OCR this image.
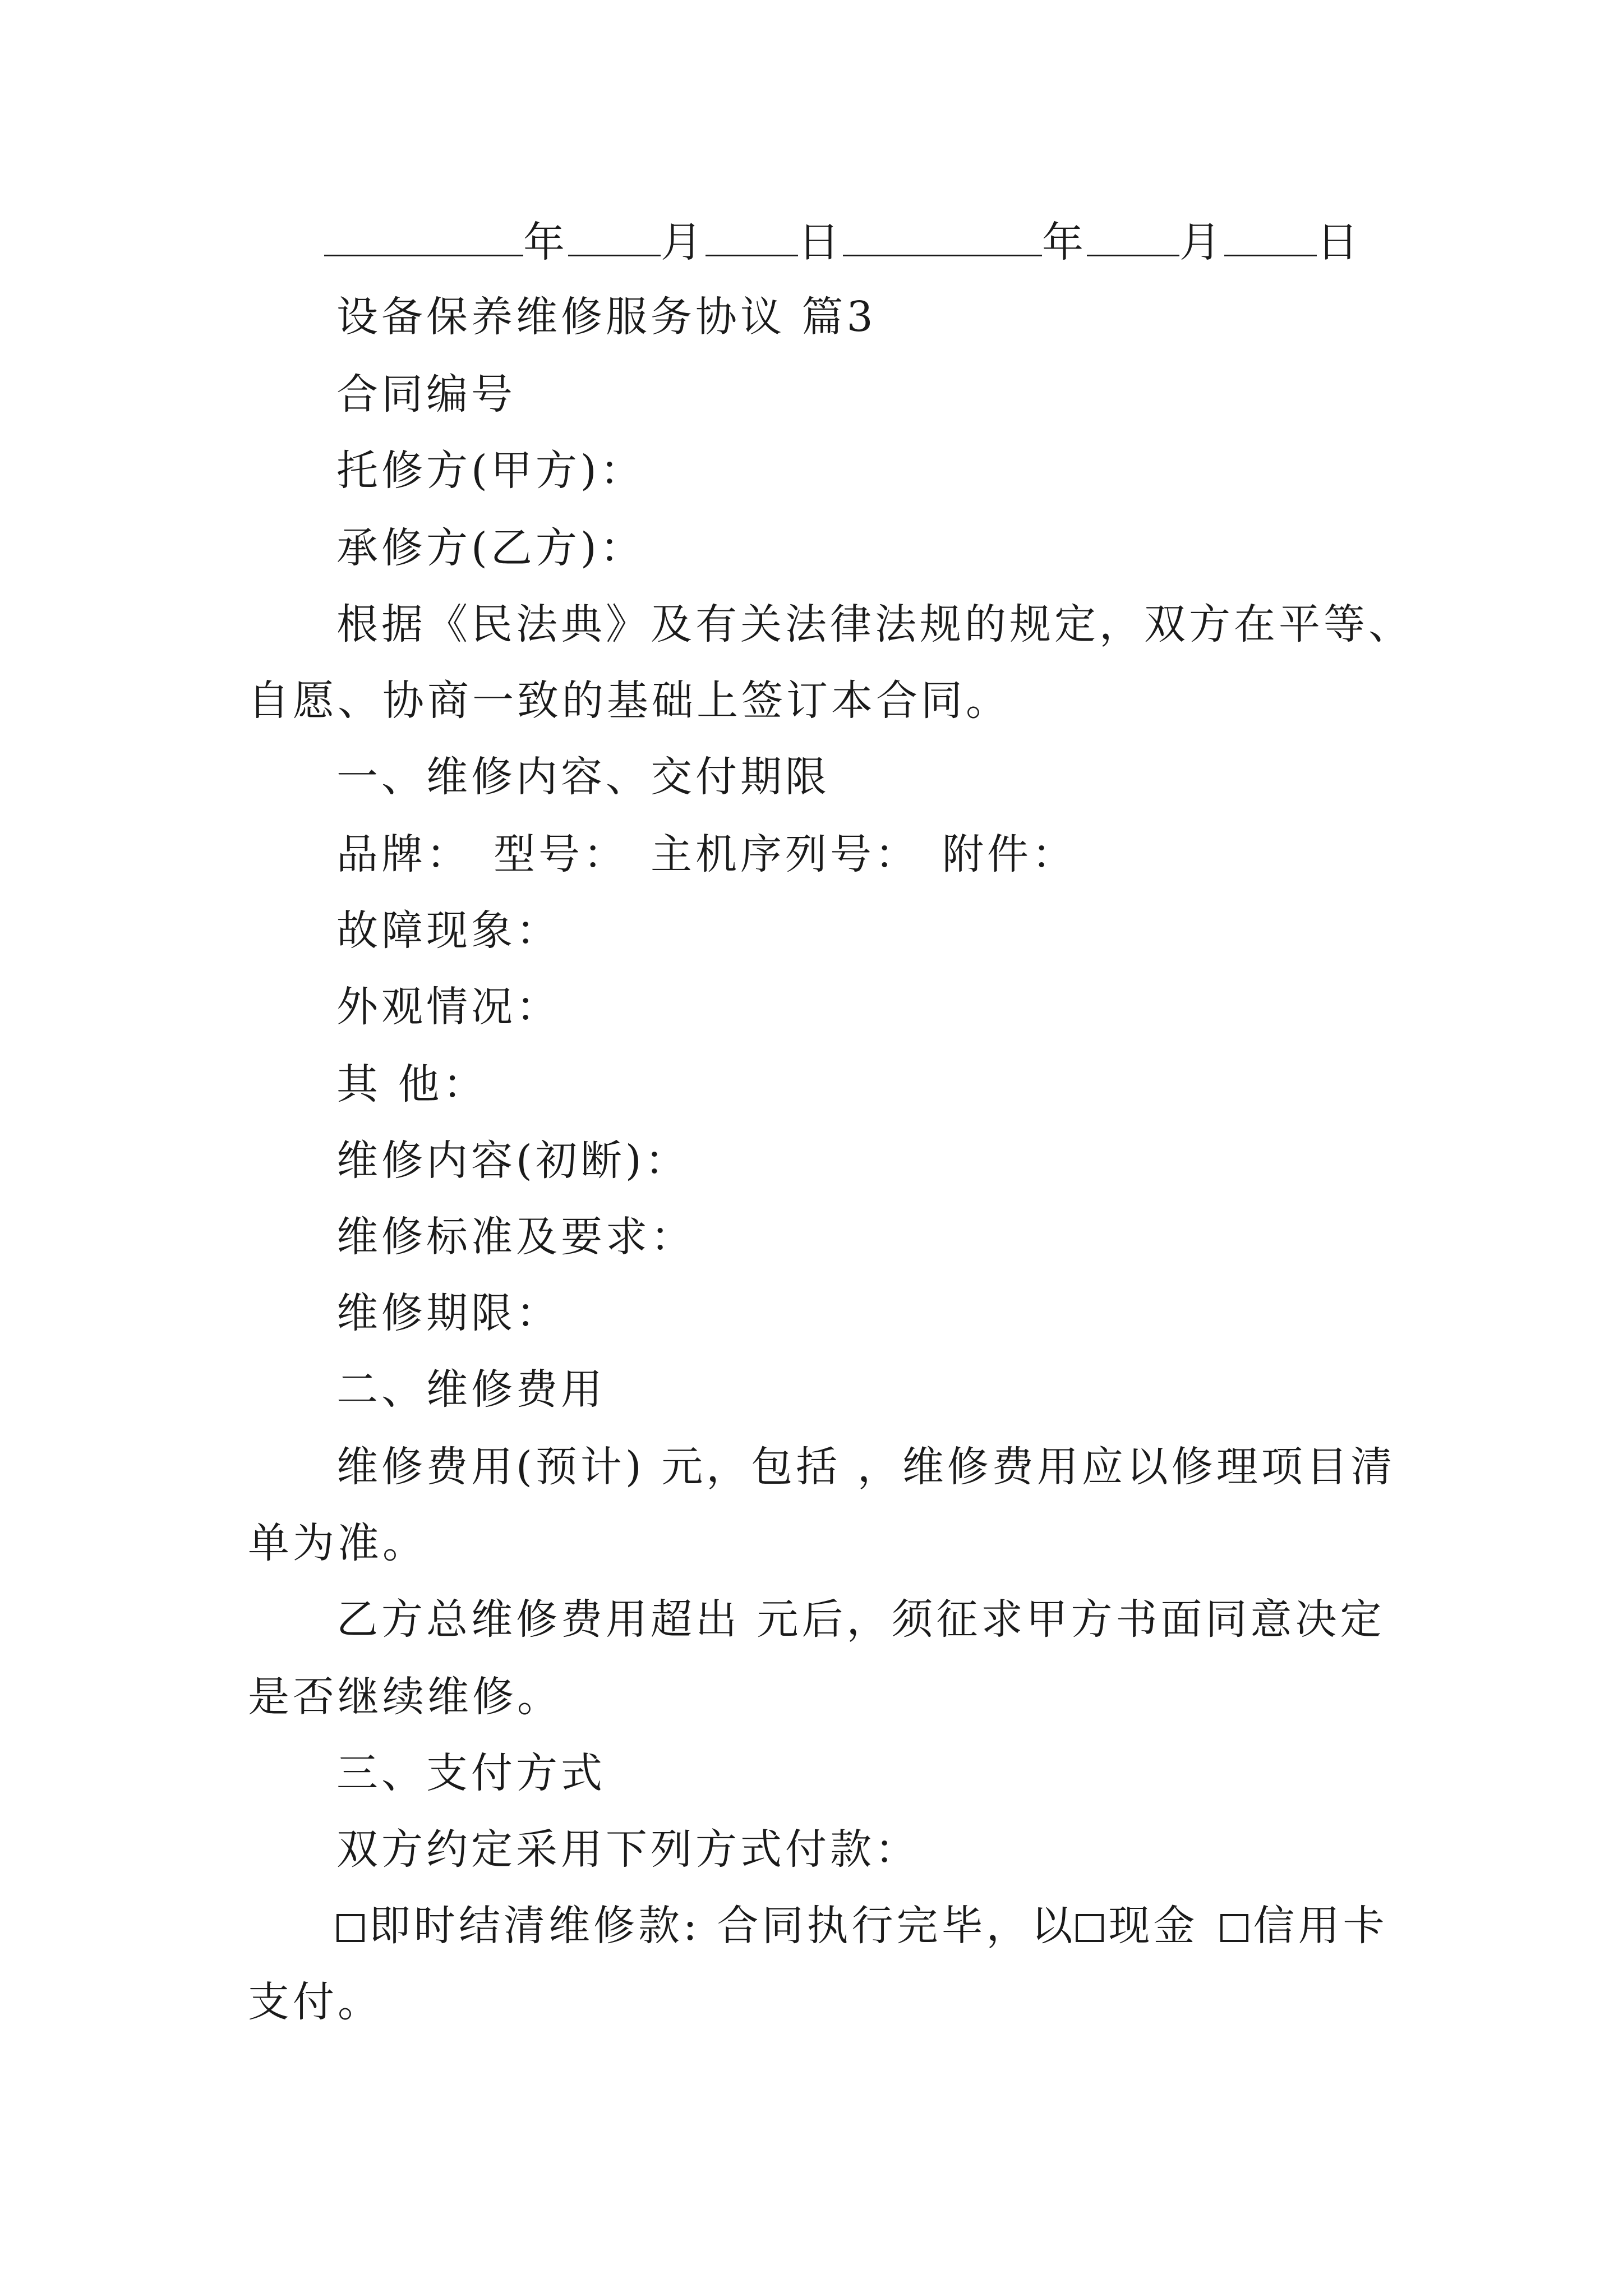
年 月 日	年 月 日
设备保养维修服务协议 篇3
合同编号
托修方(甲方)：
承修方(乙方)：
根据《民法典》及有关法律法规的规定，双方在平等、
自愿、协商一致的基础上签订本合同。
一、维修内容、交付期限
品牌： 型号： 主机序列号： 附件：
故障现象：
外观情况：
其 他：
维修内容(初断)：
维修标准及要求：
维修期限：
二、维修费用
维修费用(预计) 元，包括 ，维修费用应以修理项目清
单为准。
乙方总维修费用超出 元后，须征求甲方书面同意决定
是否继续维修。
三、支付方式
双方约定采用下列方式付款：
即时结清维修款: 合同执行完毕，以 现金 信用卡
支付。
